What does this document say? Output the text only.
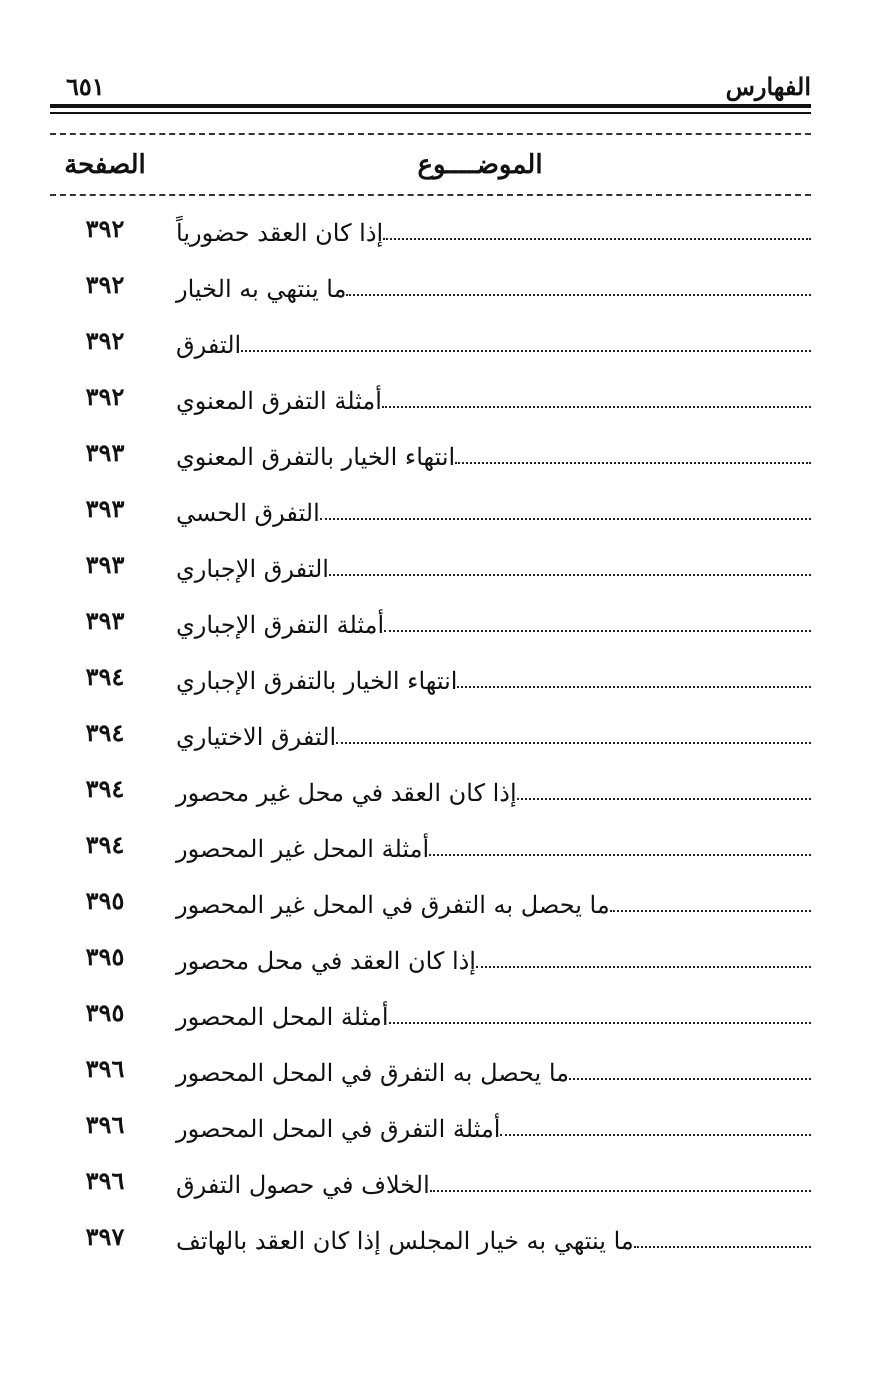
الفهارس
٦٥١
الموضــــوع
الصفحة
إذا كان العقد حضورياً
٣٩٢
ما ينتهي به الخيار
٣٩٢
التفرق
٣٩٢
أمثلة التفرق المعنوي
٣٩٢
انتهاء الخيار بالتفرق المعنوي
٣٩٣
التفرق الحسي
٣٩٣
التفرق الإجباري
٣٩٣
أمثلة التفرق الإجباري
٣٩٣
انتهاء الخيار بالتفرق الإجباري
٣٩٤
التفرق الاختياري
٣٩٤
إذا كان العقد في محل غير محصور
٣٩٤
أمثلة المحل غير المحصور
٣٩٤
ما يحصل به التفرق في المحل غير المحصور
٣٩٥
إذا كان العقد في محل محصور
٣٩٥
أمثلة المحل المحصور
٣٩٥
ما يحصل به التفرق في المحل المحصور
٣٩٦
أمثلة التفرق في المحل المحصور
٣٩٦
الخلاف في حصول التفرق
٣٩٦
ما ينتهي به خيار المجلس إذا كان العقد بالهاتف
٣٩٧
